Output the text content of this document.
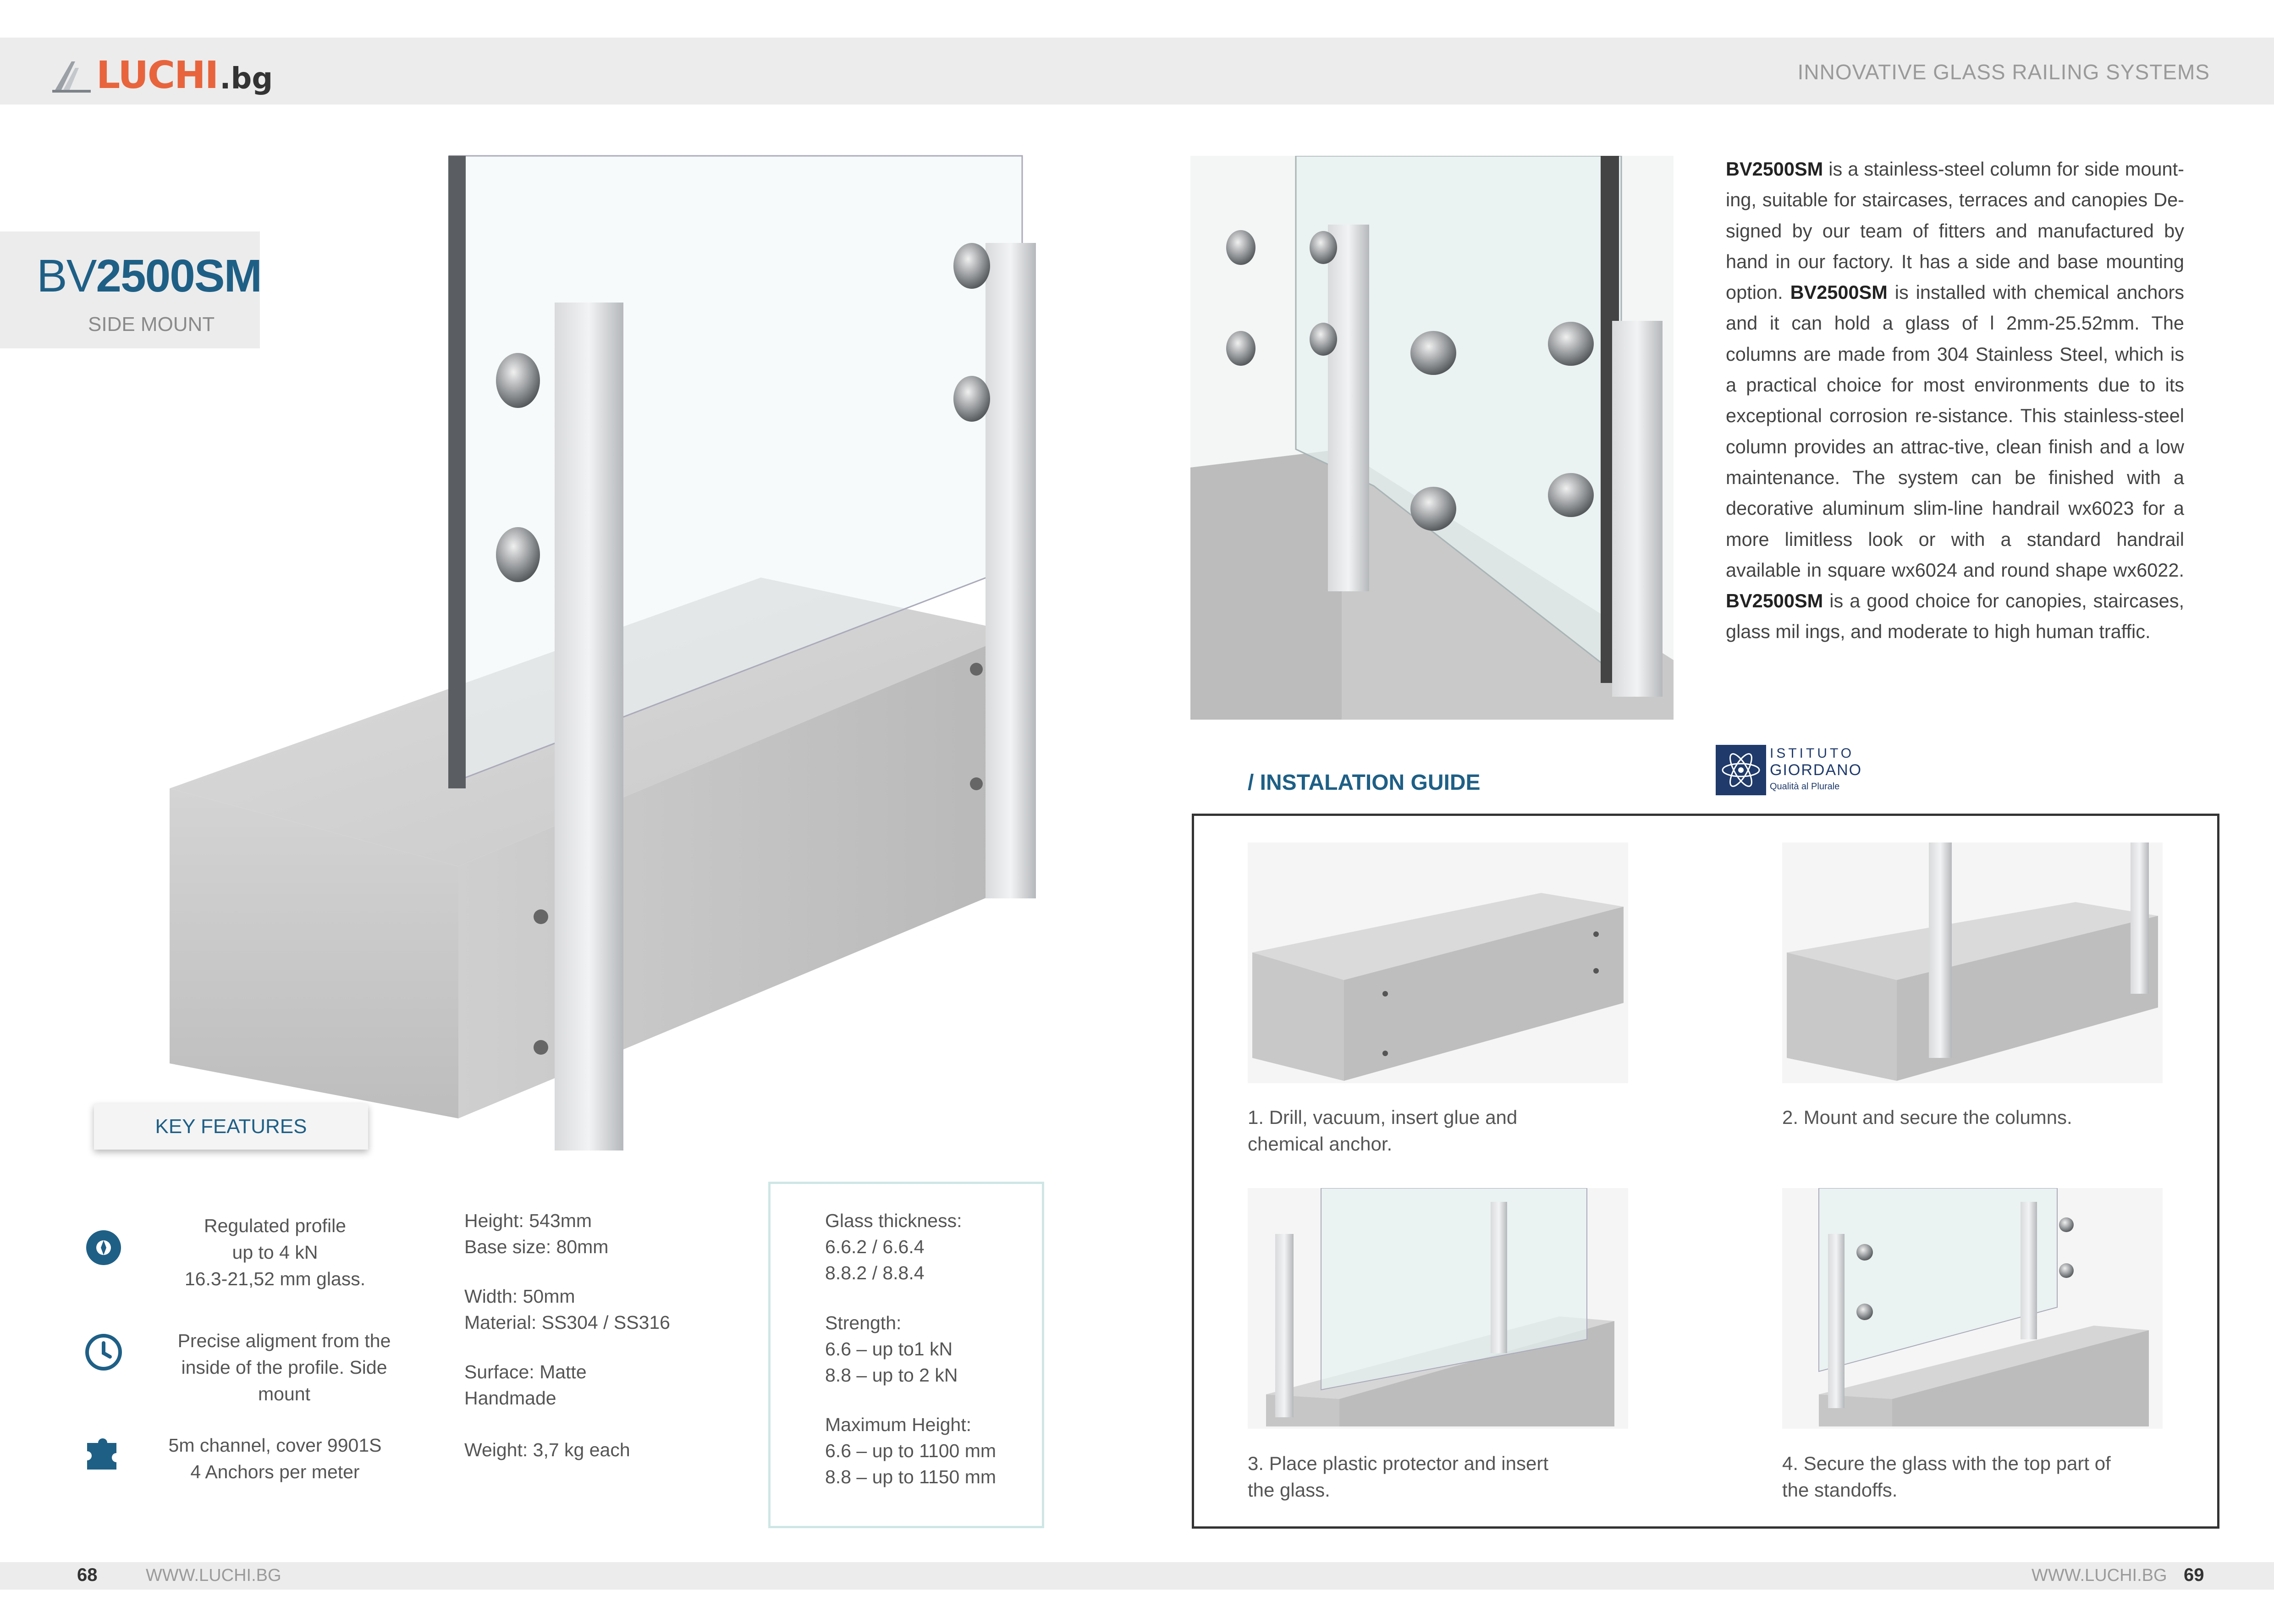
LUCHI .bg	INNOVATIVE GLASS RAILING SYSTEMS
BV2500SM
SIDE MOUNT
KEY FEATURES
Regulated profile
up to 4 kN
16.3-21,52 mm glass.
Precise aligment from the
inside of the profile. Side
mount
5m channel, cover 9901S
4 Anchors per meter
Height: 543mm
Base size: 80mm
Width: 50mm
Material: SS304 / SS316
Surface: Matte
Handmade
Weight: 3,7 kg each
Glass thickness:
6.6.2 / 6.6.4
8.8.2 / 8.8.4
Strength:
6.6 – up to1 kN
8.8 – up to 2 kN
Maximum Height:
6.6 – up to 1100 mm
8.8 – up to 1150 mm
BV2500SM is a stainless-steel column for side mount-ing, suitable for staircases, terraces and canopies De-signed by our team of fitters and manufactured by hand in our factory. It has a side and base mounting option. BV2500SM is installed with chemical anchors and it can hold a glass of l 2mm-25.52mm. The columns are made from 304 Stainless Steel, which is a practical choice for most environments due to its exceptional corrosion re-sistance. This stainless-steel column provides an attrac-tive, clean finish and a low maintenance. The system can be finished with a decorative aluminum slim-line handrail wx6023 for a more limitless look or with a standard handrail available in square wx6024 and round shape wx6022. BV2500SM is a good choice for canopies, staircases, glass mil ings, and moderate to high human traffic.
/ INSTALATION GUIDE
ISTITUTO
GIORDANO
Qualità al Plurale
1. Drill, vacuum, insert glue and chemical anchor.
2. Mount and secure the columns.
3. Place plastic protector and insert the glass.
4. Secure the glass with the top part of the standoffs.
68	WWW.LUCHI.BG	WWW.LUCHI.BG 69
